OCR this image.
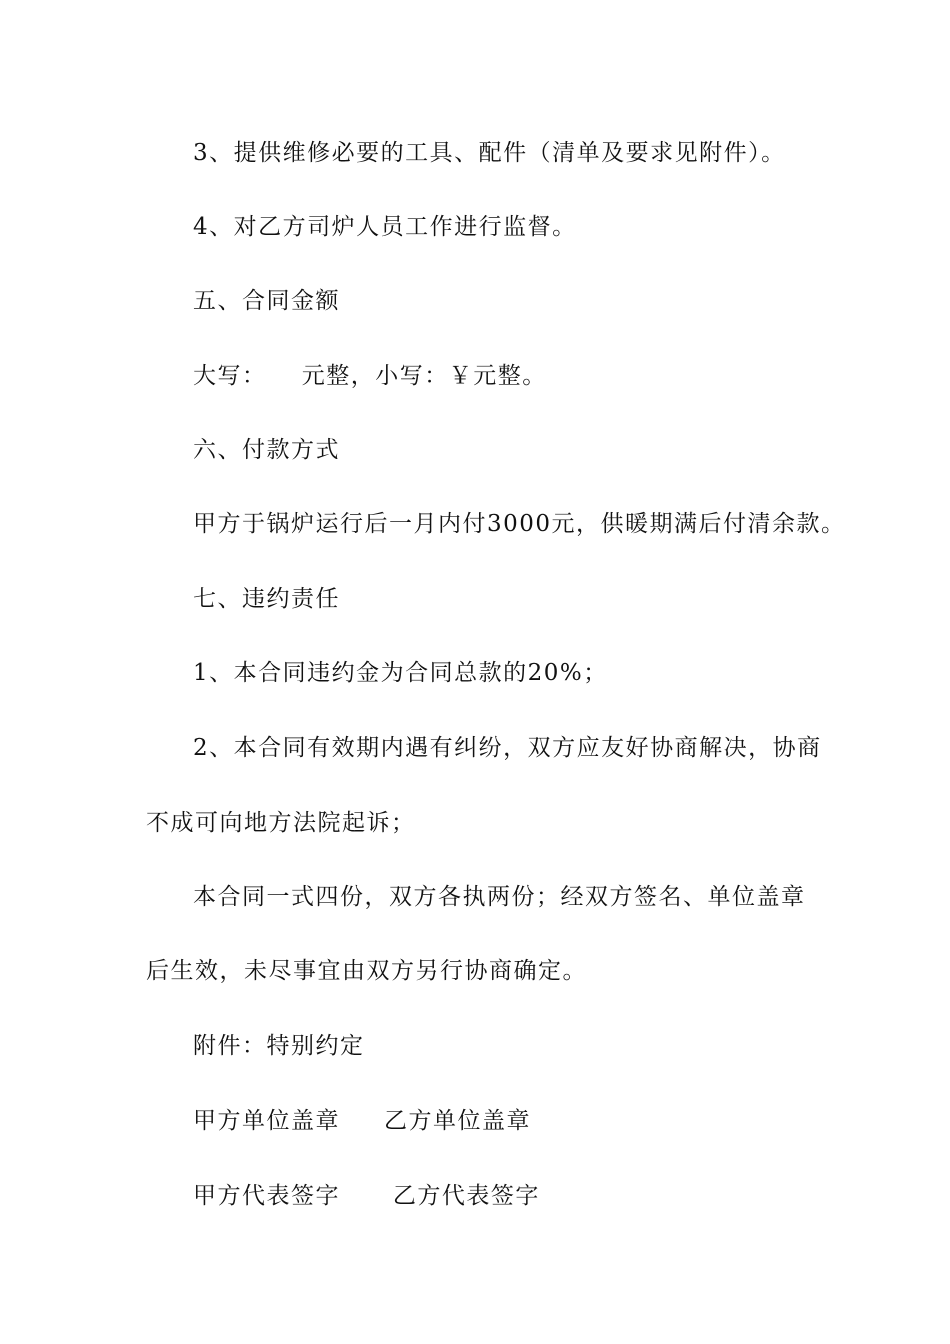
3、提供维修必要的工具、配件（清单及要求见附件）。
4、对乙方司炉人员工作进行监督。
五、合同金额
大写：    元整，小写：￥元整。
六、付款方式
甲方于锅炉运行后一月内付3000元，供暖期满后付清余款。
七、违约责任
1、本合同违约金为合同总款的20%；
2、本合同有效期内遇有纠纷，双方应友好协商解决，协商
不成可向地方法院起诉；
本合同一式四份，双方各执两份；经双方签名、单位盖章
后生效，未尽事宜由双方另行协商确定。
附件：特别约定
甲方单位盖章     乙方单位盖章
甲方代表签字      乙方代表签字
